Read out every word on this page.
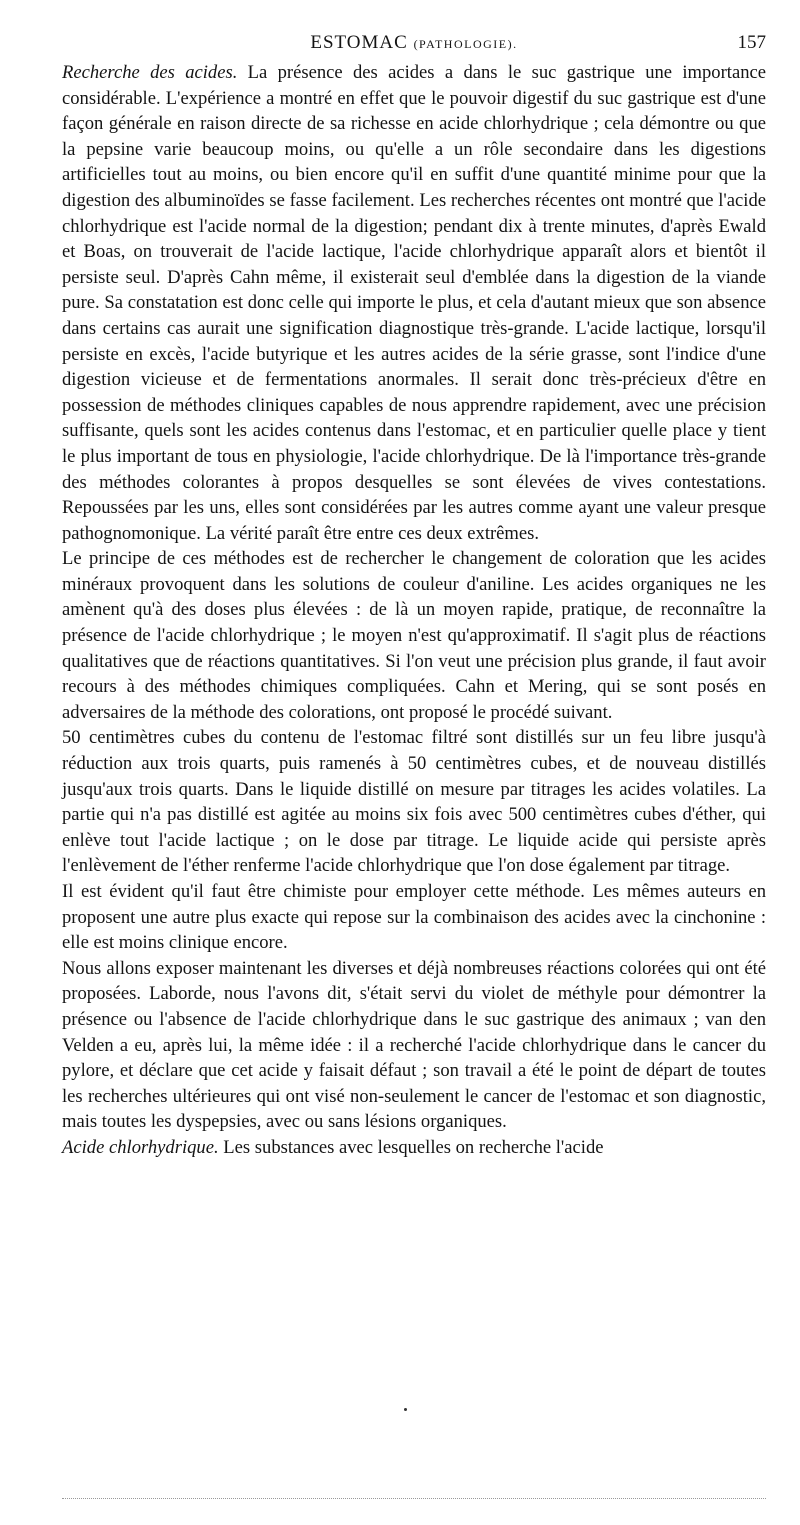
ESTOMAC (PATHOLOGIE).	157

Recherche des acides. La présence des acides a dans le suc gastrique une importance considérable. L'expérience a montré en effet que le pouvoir digestif du suc gastrique est d'une façon générale en raison directe de sa richesse en acide chlorhydrique ; cela démontre ou que la pepsine varie beaucoup moins, ou qu'elle a un rôle secondaire dans les digestions artificielles tout au moins, ou bien encore qu'il en suffit d'une quantité minime pour que la digestion des albuminoïdes se fasse facilement. Les recherches récentes ont montré que l'acide chlorhydrique est l'acide normal de la digestion; pendant dix à trente minutes, d'après Ewald et Boas, on trouverait de l'acide lactique, l'acide chlorhydrique apparaît alors et bientôt il persiste seul. D'après Cahn même, il existerait seul d'emblée dans la digestion de la viande pure. Sa constatation est donc celle qui importe le plus, et cela d'autant mieux que son absence dans certains cas aurait une signification diagnostique très-grande. L'acide lactique, lorsqu'il persiste en excès, l'acide butyrique et les autres acides de la série grasse, sont l'indice d'une digestion vicieuse et de fermentations anormales. Il serait donc très-précieux d'être en possession de méthodes cliniques capables de nous apprendre rapidement, avec une précision suffisante, quels sont les acides contenus dans l'estomac, et en particulier quelle place y tient le plus important de tous en physiologie, l'acide chlorhydrique. De là l'importance très-grande des méthodes colorantes à propos desquelles se sont élevées de vives contestations. Repoussées par les uns, elles sont considérées par les autres comme ayant une valeur presque pathognomonique. La vérité paraît être entre ces deux extrêmes.

Le principe de ces méthodes est de rechercher le changement de coloration que les acides minéraux provoquent dans les solutions de couleur d'aniline. Les acides organiques ne les amènent qu'à des doses plus élevées : de là un moyen rapide, pratique, de reconnaître la présence de l'acide chlorhydrique ; le moyen n'est qu'approximatif. Il s'agit plus de réactions qualitatives que de réactions quantitatives. Si l'on veut une précision plus grande, il faut avoir recours à des méthodes chimiques compliquées. Cahn et Mering, qui se sont posés en adversaires de la méthode des colorations, ont proposé le procédé suivant.

50 centimètres cubes du contenu de l'estomac filtré sont distillés sur un feu libre jusqu'à réduction aux trois quarts, puis ramenés à 50 centimètres cubes, et de nouveau distillés jusqu'aux trois quarts. Dans le liquide distillé on mesure par titrages les acides volatiles. La partie qui n'a pas distillé est agitée au moins six fois avec 500 centimètres cubes d'éther, qui enlève tout l'acide lactique ; on le dose par titrage. Le liquide acide qui persiste après l'enlèvement de l'éther renferme l'acide chlorhydrique que l'on dose également par titrage.

Il est évident qu'il faut être chimiste pour employer cette méthode. Les mêmes auteurs en proposent une autre plus exacte qui repose sur la combinaison des acides avec la cinchonine : elle est moins clinique encore.

Nous allons exposer maintenant les diverses et déjà nombreuses réactions colorées qui ont été proposées. Laborde, nous l'avons dit, s'était servi du violet de méthyle pour démontrer la présence ou l'absence de l'acide chlorhydrique dans le suc gastrique des animaux ; van den Velden a eu, après lui, la même idée : il a recherché l'acide chlorhydrique dans le cancer du pylore, et déclare que cet acide y faisait défaut ; son travail a été le point de départ de toutes les recherches ultérieures qui ont visé non-seulement le cancer de l'estomac et son diagnostic, mais toutes les dyspepsies, avec ou sans lésions organiques.

Acide chlorhydrique. Les substances avec lesquelles on recherche l'acide
